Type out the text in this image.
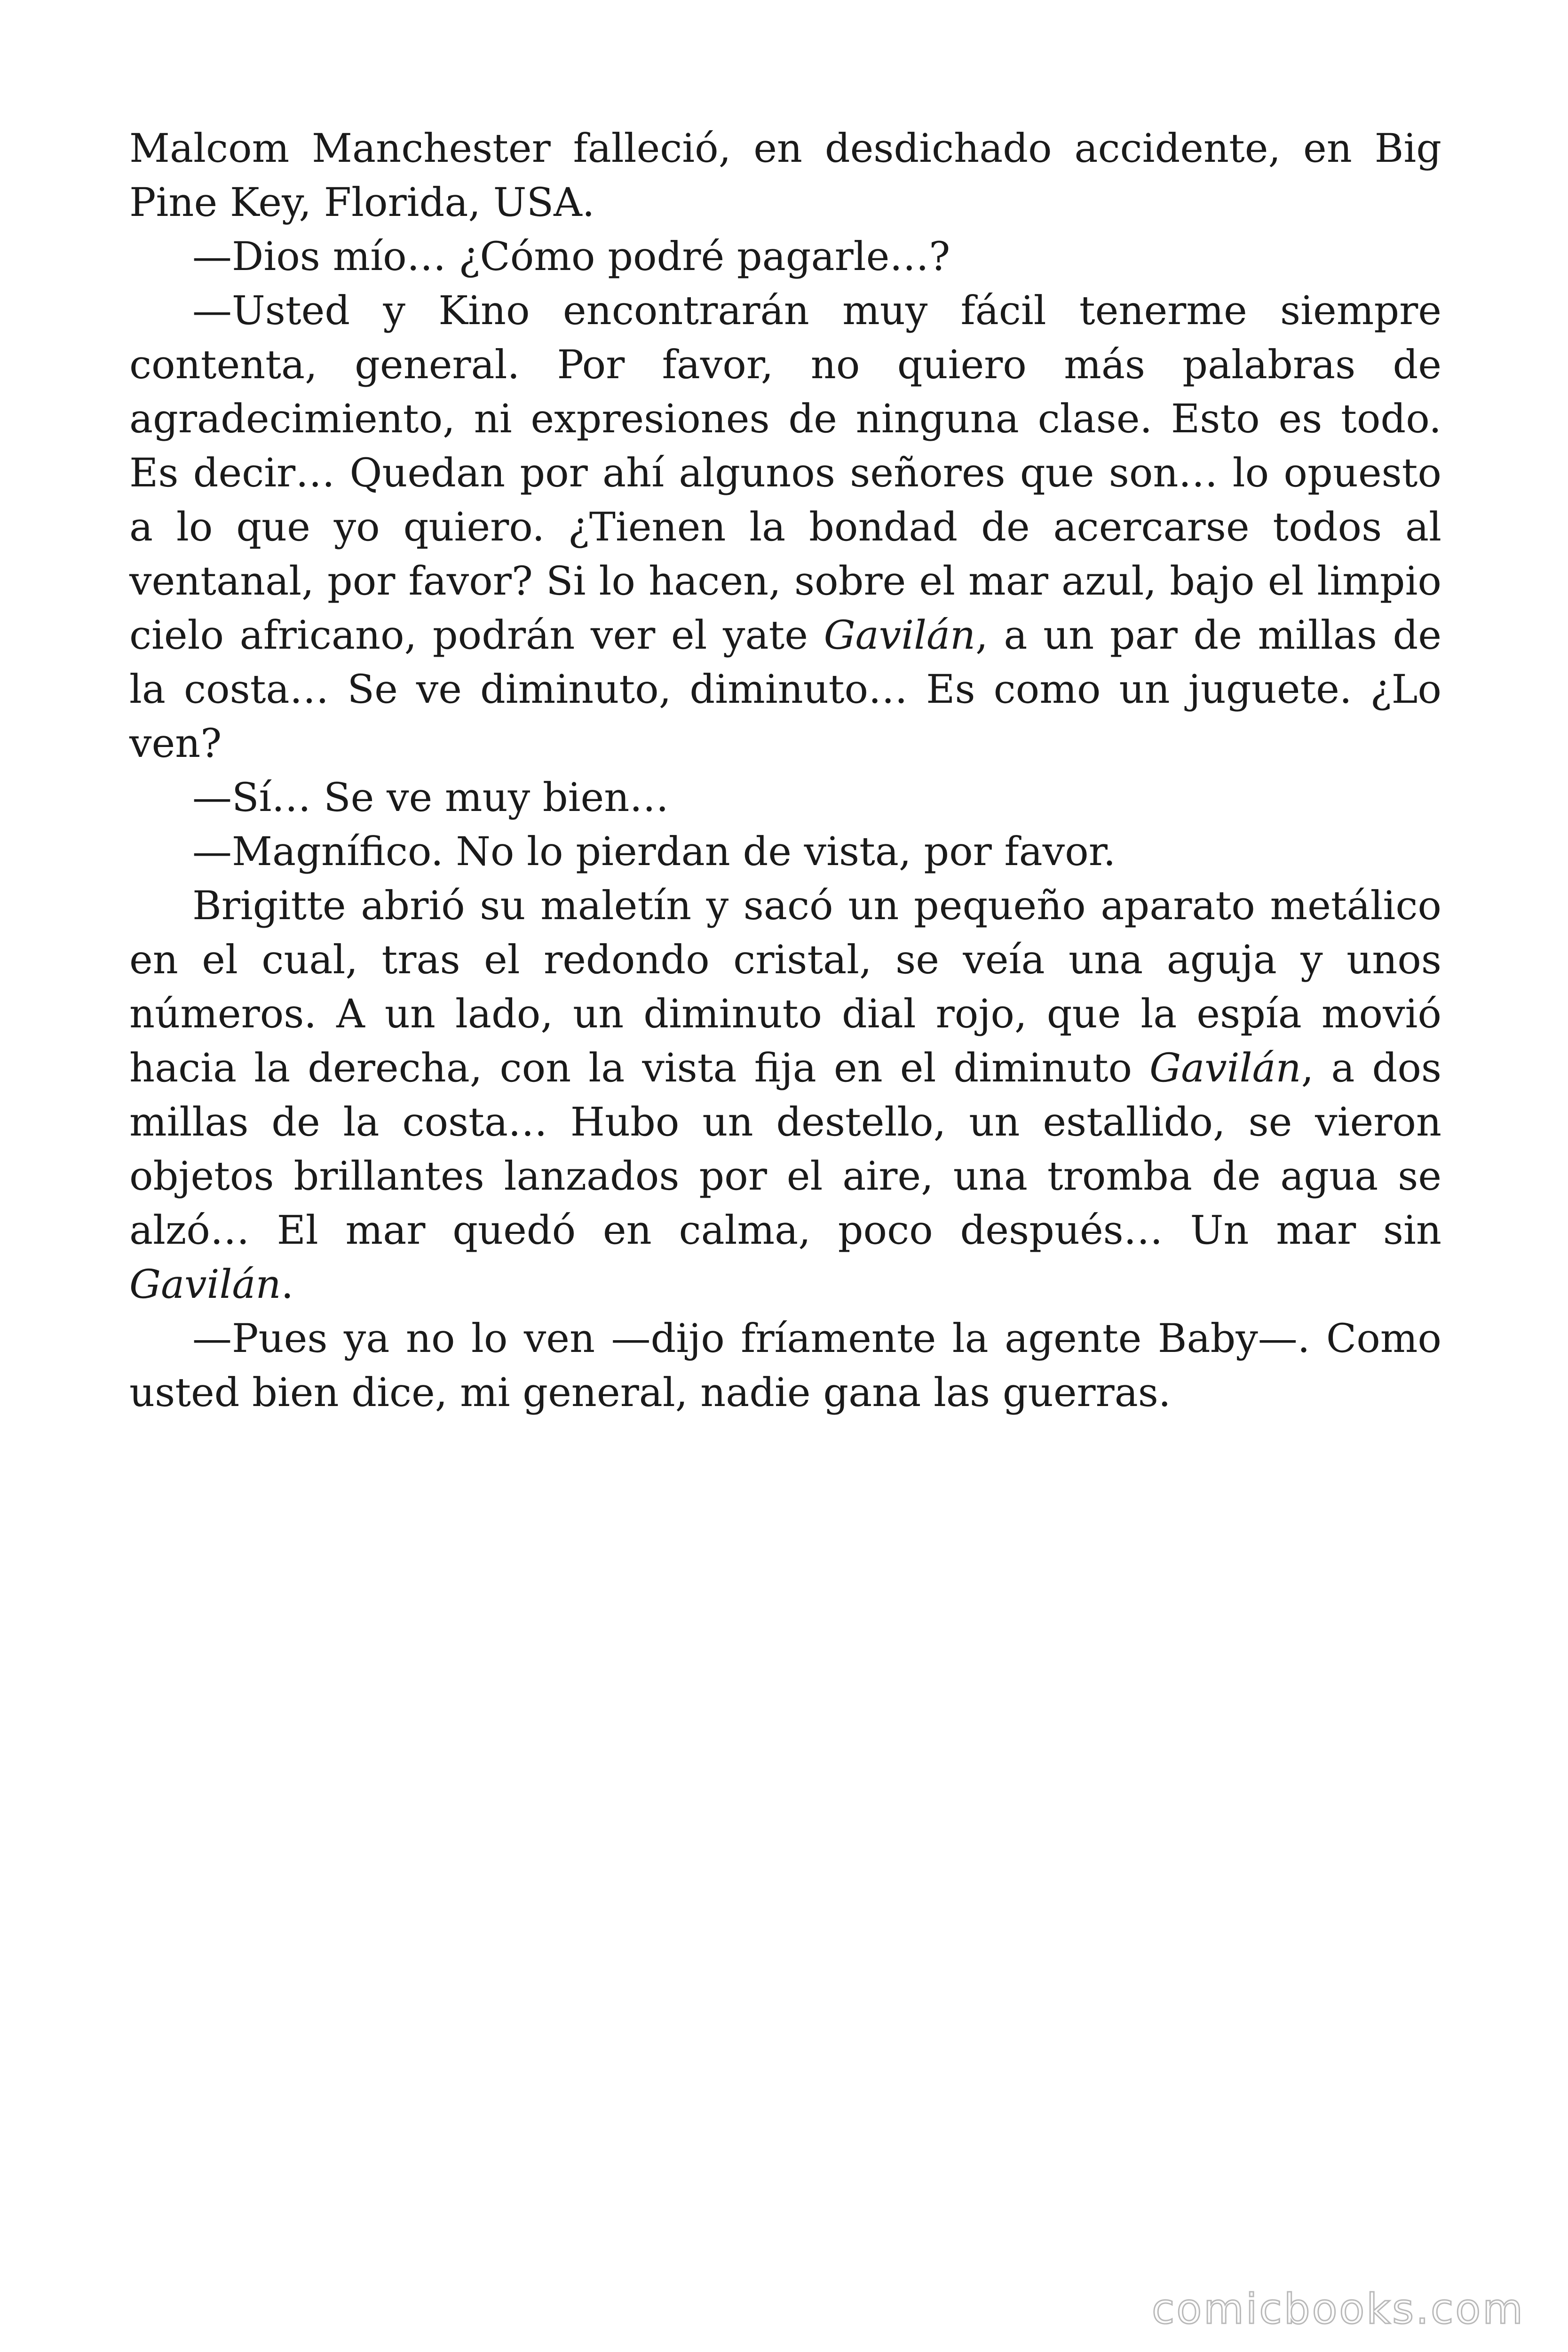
Malcom Manchester falleció, en desdichado accidente, en Big Pine Key, Florida, USA.

—Dios mío… ¿Cómo podré pagarle…?

—Usted y Kino encontrarán muy fácil tenerme siempre contenta, general. Por favor, no quiero más palabras de agradecimiento, ni expresiones de ninguna clase. Esto es todo. Es decir… Quedan por ahí algunos señores que son… lo opuesto a lo que yo quiero. ¿Tienen la bondad de acercarse todos al ventanal, por favor? Si lo hacen, sobre el mar azul, bajo el limpio cielo africano, podrán ver el yate Gavilán, a un par de millas de la costa… Se ve diminuto, diminuto… Es como un juguete. ¿Lo ven?

—Sí… Se ve muy bien…

—Magnífico. No lo pierdan de vista, por favor.

Brigitte abrió su maletín y sacó un pequeño aparato metálico en el cual, tras el redondo cristal, se veía una aguja y unos números. A un lado, un diminuto dial rojo, que la espía movió hacia la derecha, con la vista fija en el diminuto Gavilán, a dos millas de la costa… Hubo un destello, un estallido, se vieron objetos brillantes lanzados por el aire, una tromba de agua se alzó… El mar quedó en calma, poco después… Un mar sin Gavilán.

—Pues ya no lo ven —dijo fríamente la agente Baby—. Como usted bien dice, mi general, nadie gana las guerras.

comicbooks.com
